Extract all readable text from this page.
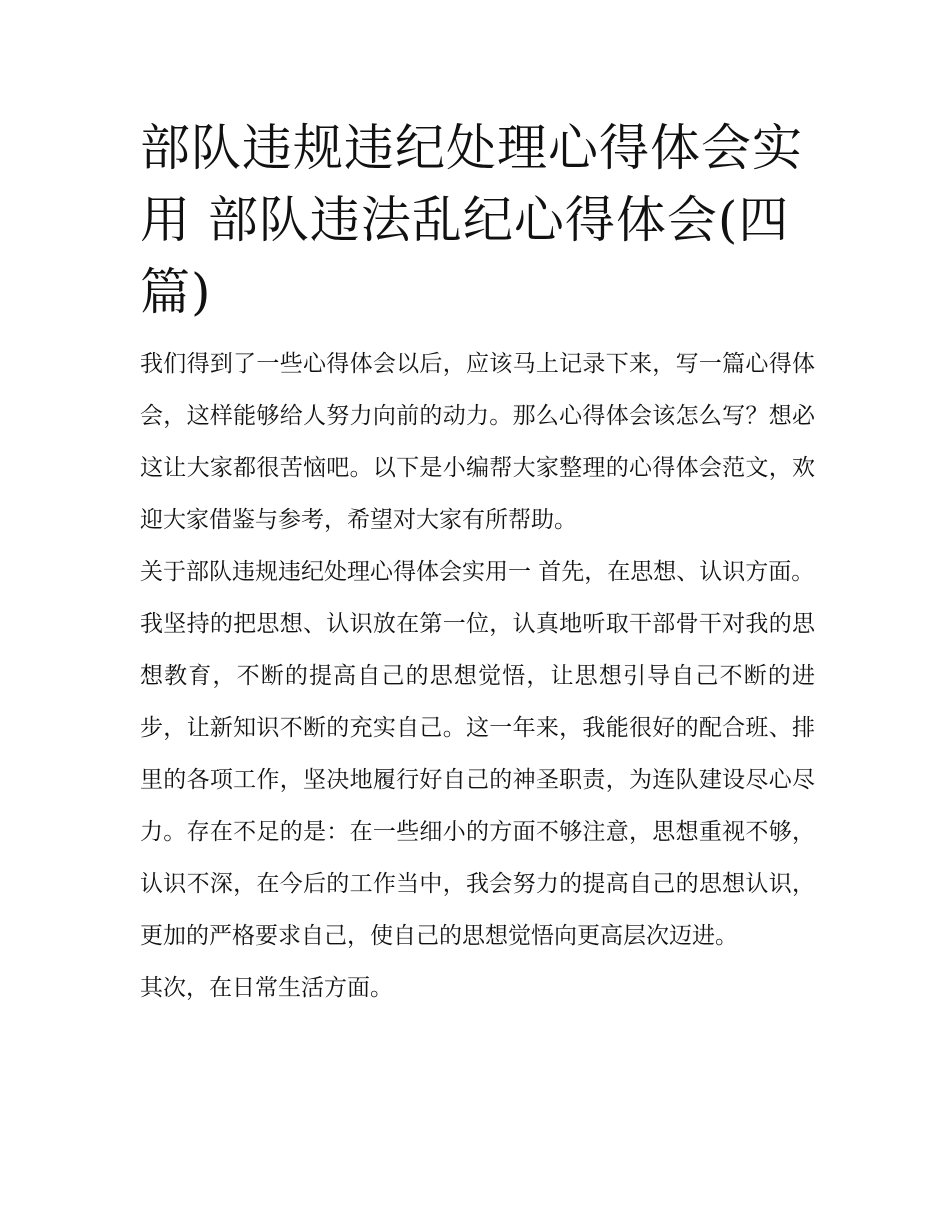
部队违规违纪处理心得体会实用 部队违法乱纪心得体会(四篇)

我们得到了一些心得体会以后，应该马上记录下来，写一篇心得体会，这样能够给人努力向前的动力。那么心得体会该怎么写？想必这让大家都很苦恼吧。以下是小编帮大家整理的心得体会范文，欢迎大家借鉴与参考，希望对大家有所帮助。

关于部队违规违纪处理心得体会实用一 首先，在思想、认识方面。

我坚持的把思想、认识放在第一位，认真地听取干部骨干对我的思想教育，不断的提高自己的思想觉悟，让思想引导自己不断的进步，让新知识不断的充实自己。这一年来，我能很好的配合班、排里的各项工作，坚决地履行好自己的神圣职责，为连队建设尽心尽力。存在不足的是：在一些细小的方面不够注意，思想重视不够，认识不深，在今后的工作当中，我会努力的提高自己的思想认识，更加的严格要求自己，使自己的思想觉悟向更高层次迈进。

其次，在日常生活方面。
